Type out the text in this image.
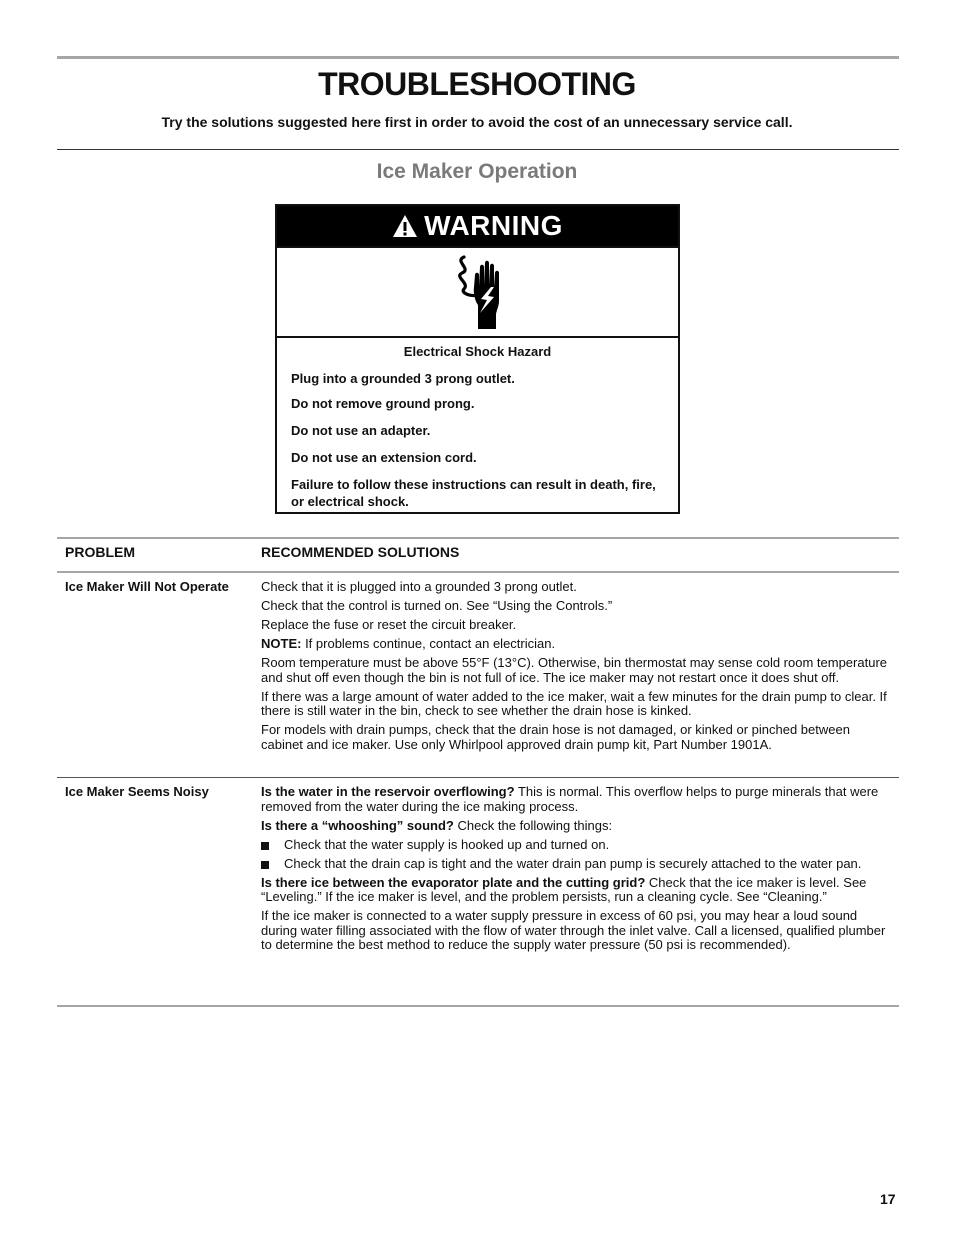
TROUBLESHOOTING
Try the solutions suggested here first in order to avoid the cost of an unnecessary service call.
Ice Maker Operation
WARNING
Electrical Shock Hazard

Plug into a grounded 3 prong outlet.

Do not remove ground prong.

Do not use an adapter.

Do not use an extension cord.

Failure to follow these instructions can result in death, fire, or electrical shock.

PROBLEM	RECOMMENDED SOLUTIONS
Ice Maker Will Not Operate	Check that it is plugged into a grounded 3 prong outlet.

Check that the control is turned on. See “Using the Controls.”

Replace the fuse or reset the circuit breaker.

NOTE: If problems continue, contact an electrician.

Room temperature must be above 55°F (13°C). Otherwise, bin thermostat may sense cold room temperature and shut off even though the bin is not full of ice. The ice maker may not restart once it does shut off.

If there was a large amount of water added to the ice maker, wait a few minutes for the drain pump to clear. If there is still water in the bin, check to see whether the drain hose is kinked.

For models with drain pumps, check that the drain hose is not damaged, or kinked or pinched between cabinet and ice maker. Use only Whirlpool approved drain pump kit, Part Number 1901A.

Ice Maker Seems Noisy	Is the water in the reservoir overflowing? This is normal. This overflow helps to purge minerals that were removed from the water during the ice making process.

Is there a “whooshing” sound? Check the following things:

Check that the water supply is hooked up and turned on.

Check that the drain cap is tight and the water drain pan pump is securely attached to the water pan.

Is there ice between the evaporator plate and the cutting grid? Check that the ice maker is level. See “Leveling.” If the ice maker is level, and the problem persists, run a cleaning cycle. See “Cleaning.”

If the ice maker is connected to a water supply pressure in excess of 60 psi, you may hear a loud sound during water filling associated with the flow of water through the inlet valve. Call a licensed, qualified plumber to determine the best method to reduce the supply water pressure (50 psi is recommended).

17
